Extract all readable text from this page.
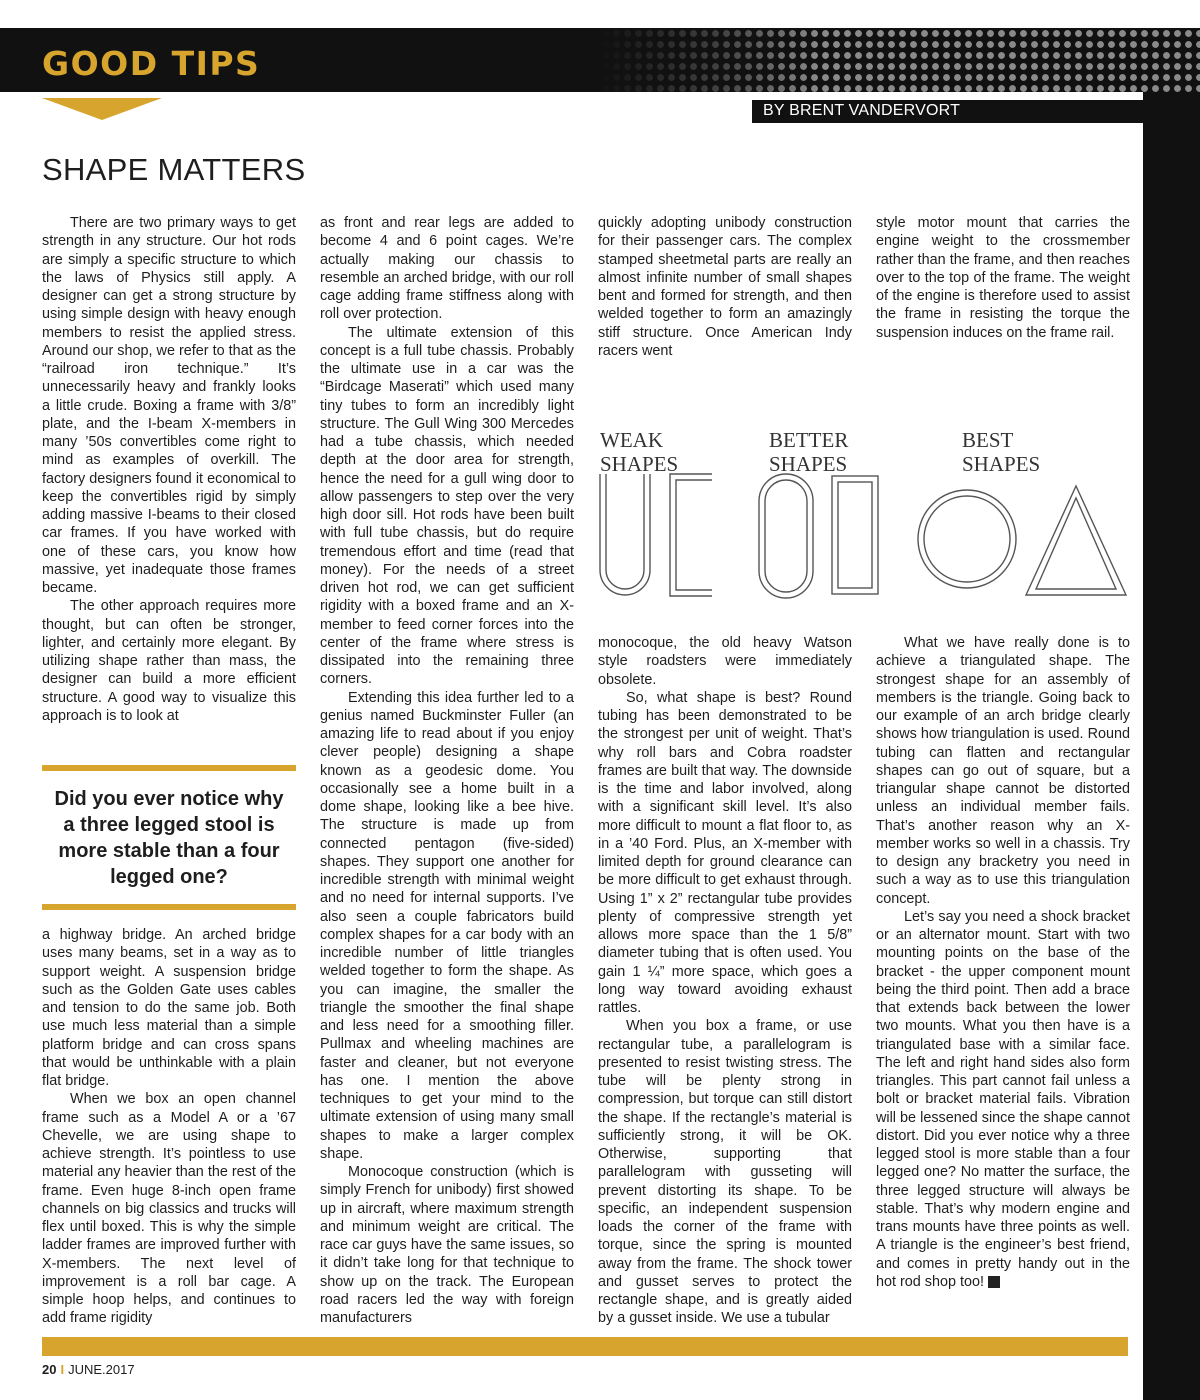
GOOD TIPS
BY BRENT VANDERVORT
SHAPE MATTERS

There are two primary ways to get strength in any structure. Our hot rods are simply a specific structure to which the laws of Physics still apply. A designer can get a strong structure by using simple design with heavy enough members to resist the applied stress. Around our shop, we refer to that as the “railroad iron technique.” It’s unnecessarily heavy and frankly looks a little crude. Boxing a frame with 3/8” plate, and the I-beam X-members in many ’50s convertibles come right to mind as examples of overkill. The factory designers found it economical to keep the convertibles rigid by simply adding massive I-beams to their closed car frames. If you have worked with one of these cars, you know how massive, yet inadequate those frames became.

The other approach requires more thought, but can often be stronger, lighter, and certainly more elegant. By utilizing shape rather than mass, the designer can build a more efficient structure. A good way to visualize this approach is to look at

Did you ever notice why a three legged stool is more stable than a four legged one?

a highway bridge. An arched bridge uses many beams, set in a way as to support weight. A suspension bridge such as the Golden Gate uses cables and tension to do the same job. Both use much less material than a simple platform bridge and can cross spans that would be unthinkable with a plain flat bridge.

When we box an open channel frame such as a Model A or a ’67 Chevelle, we are using shape to achieve strength. It’s pointless to use material any heavier than the rest of the frame. Even huge 8-inch open frame channels on big classics and trucks will flex until boxed. This is why the simple ladder frames are improved further with X-members. The next level of improvement is a roll bar cage. A simple hoop helps, and continues to add frame rigidity

as front and rear legs are added to become 4 and 6 point cages. We’re actually making our chassis to resemble an arched bridge, with our roll cage adding frame stiffness along with roll over protection.

The ultimate extension of this concept is a full tube chassis. Probably the ultimate use in a car was the “Birdcage Maserati” which used many tiny tubes to form an incredibly light structure. The Gull Wing 300 Mercedes had a tube chassis, which needed depth at the door area for strength, hence the need for a gull wing door to allow passengers to step over the very high door sill. Hot rods have been built with full tube chassis, but do require tremendous effort and time (read that money). For the needs of a street driven hot rod, we can get sufficient rigidity with a boxed frame and an X-member to feed corner forces into the center of the frame where stress is dissipated into the remaining three corners.

Extending this idea further led to a genius named Buckminster Fuller (an amazing life to read about if you enjoy clever people) designing a shape known as a geodesic dome. You occasionally see a home built in a dome shape, looking like a bee hive. The structure is made up from connected pentagon (five-sided) shapes. They support one another for incredible strength with minimal weight and no need for internal supports. I’ve also seen a couple fabricators build complex shapes for a car body with an incredible number of little triangles welded together to form the shape. As you can imagine, the smaller the triangle the smoother the final shape and less need for a smoothing filler. Pullmax and wheeling machines are faster and cleaner, but not everyone has one. I mention the above techniques to get your mind to the ultimate extension of using many small shapes to make a larger complex shape.

Monocoque construction (which is simply French for unibody) first showed up in aircraft, where maximum strength and minimum weight are critical. The race car guys have the same issues, so it didn’t take long for that technique to show up on the track. The European road racers led the way with foreign manufacturers

quickly adopting unibody construction for their passenger cars. The complex stamped sheetmetal parts are really an almost infinite number of small shapes bent and formed for strength, and then welded together to form an amazingly stiff structure. Once American Indy racers went

monocoque, the old heavy Watson style roadsters were immediately obsolete.

So, what shape is best? Round tubing has been demonstrated to be the strongest per unit of weight. That’s why roll bars and Cobra roadster frames are built that way. The downside is the time and labor involved, along with a significant skill level. It’s also more difficult to mount a flat floor to, as in a ’40 Ford. Plus, an X-member with limited depth for ground clearance can be more difficult to get exhaust through. Using 1” x 2” rectangular tube provides plenty of compressive strength yet allows more space than the 1 5/8” diameter tubing that is often used. You gain 1 ¼” more space, which goes a long way toward avoiding exhaust rattles.

When you box a frame, or use rectangular tube, a parallelogram is presented to resist twisting stress. The tube will be plenty strong in compression, but torque can still distort the shape. If the rectangle’s material is sufficiently strong, it will be OK. Otherwise, supporting that parallelogram with gusseting will prevent distorting its shape. To be specific, an independent suspension loads the corner of the frame with torque, since the spring is mounted away from the frame. The shock tower and gusset serves to protect the rectangle shape, and is greatly aided by a gusset inside. We use a tubular

style motor mount that carries the engine weight to the crossmember rather than the frame, and then reaches over to the top of the frame. The weight of the engine is therefore used to assist the frame in resisting the torque the suspension induces on the frame rail.

What we have really done is to achieve a triangulated shape. The strongest shape for an assembly of members is the triangle. Going back to our example of an arch bridge clearly shows how triangulation is used. Round tubing can flatten and rectangular shapes can go out of square, but a triangular shape cannot be distorted unless an individual member fails. That’s another reason why an X-member works so well in a chassis. Try to design any bracketry you need in such a way as to use this triangulation concept.

Let’s say you need a shock bracket or an alternator mount. Start with two mounting points on the base of the bracket - the upper component mount being the third point. Then add a brace that extends back between the lower two mounts. What you then have is a triangulated base with a similar face. The left and right hand sides also form triangles. This part cannot fail unless a bolt or bracket material fails. Vibration will be lessened since the shape cannot distort. Did you ever notice why a three legged stool is more stable than a four legged one? No matter the surface, the three legged structure will always be stable. That’s why modern engine and trans mounts have three points as well. A triangle is the engineer’s best friend, and comes in pretty handy out in the hot rod shop too!	GG

WEAK
SHAPES
BETTER
SHAPES
BEST
SHAPES
20 I JUNE.2017
